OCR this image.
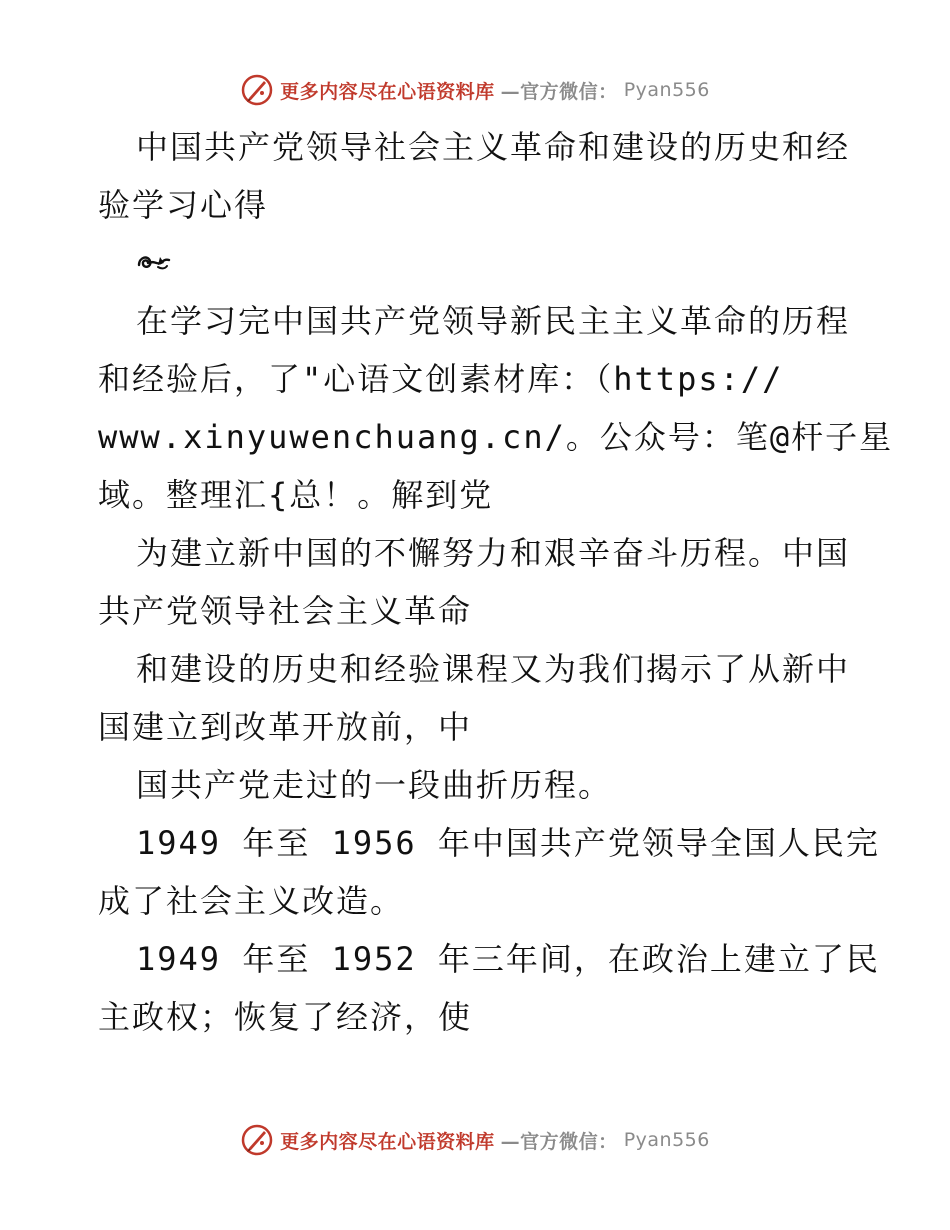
更多内容尽在心语资料库 —官方微信： Pyan556
中国共产党领导社会主义革命和建设的历史和经
验学习心得
在学习完中国共产党领导新民主主义革命的历程
和经验后，了"心语文创素材库：（https://
www.xinyuwenchuang.cn/。公众号：笔@杆子星
域。整理汇{总！。解到党
为建立新中国的不懈努力和艰辛奋斗历程。中国
共产党领导社会主义革命
和建设的历史和经验课程又为我们揭示了从新中
国建立到改革开放前，中
国共产党走过的一段曲折历程。
1949 年至 1956 年中国共产党领导全国人民完
成了社会主义改造。
1949 年至 1952 年三年间，在政治上建立了民
主政权；恢复了经济，使
更多内容尽在心语资料库 —官方微信： Pyan556
